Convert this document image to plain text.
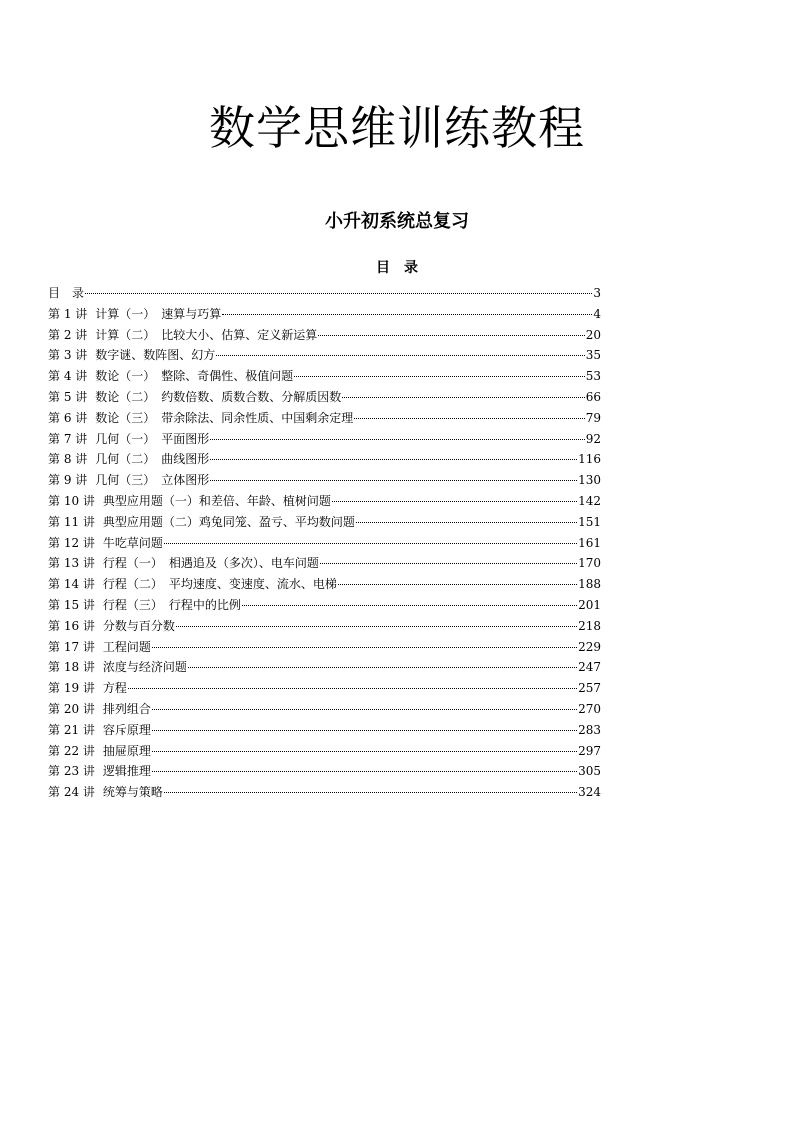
数学思维训练教程
小升初系统总复习
目　录
目　录	3
第 1 讲 计算（一）　速算与巧算	4
第 2 讲 计算（二）　比较大小、估算、定义新运算	20
第 3 讲 数字谜、数阵图、幻方	35
第 4 讲 数论（一）　整除、奇偶性、极值问题	53
第 5 讲 数论（二）　约数倍数、质数合数、分解质因数	66
第 6 讲 数论（三）　带余除法、同余性质、中国剩余定理	79
第 7 讲 几何（一）　平面图形	92
第 8 讲 几何（二）　曲线图形	116
第 9 讲 几何（三）　立体图形	130
第 10 讲 典型应用题（一）和差倍、年龄、植树问题	142
第 11 讲 典型应用题（二）鸡兔同笼、盈亏、平均数问题	151
第 12 讲 牛吃草问题	161
第 13 讲 行程（一）　相遇追及（多次）、电车问题	170
第 14 讲 行程（二）　平均速度、变速度、流水、电梯	188
第 15 讲 行程（三）　行程中的比例	201
第 16 讲 分数与百分数	218
第 17 讲 工程问题	229
第 18 讲 浓度与经济问题	247
第 19 讲 方程	257
第 20 讲 排列组合	270
第 21 讲 容斥原理	283
第 22 讲 抽屉原理	297
第 23 讲 逻辑推理	305
第 24 讲 统筹与策略	324
